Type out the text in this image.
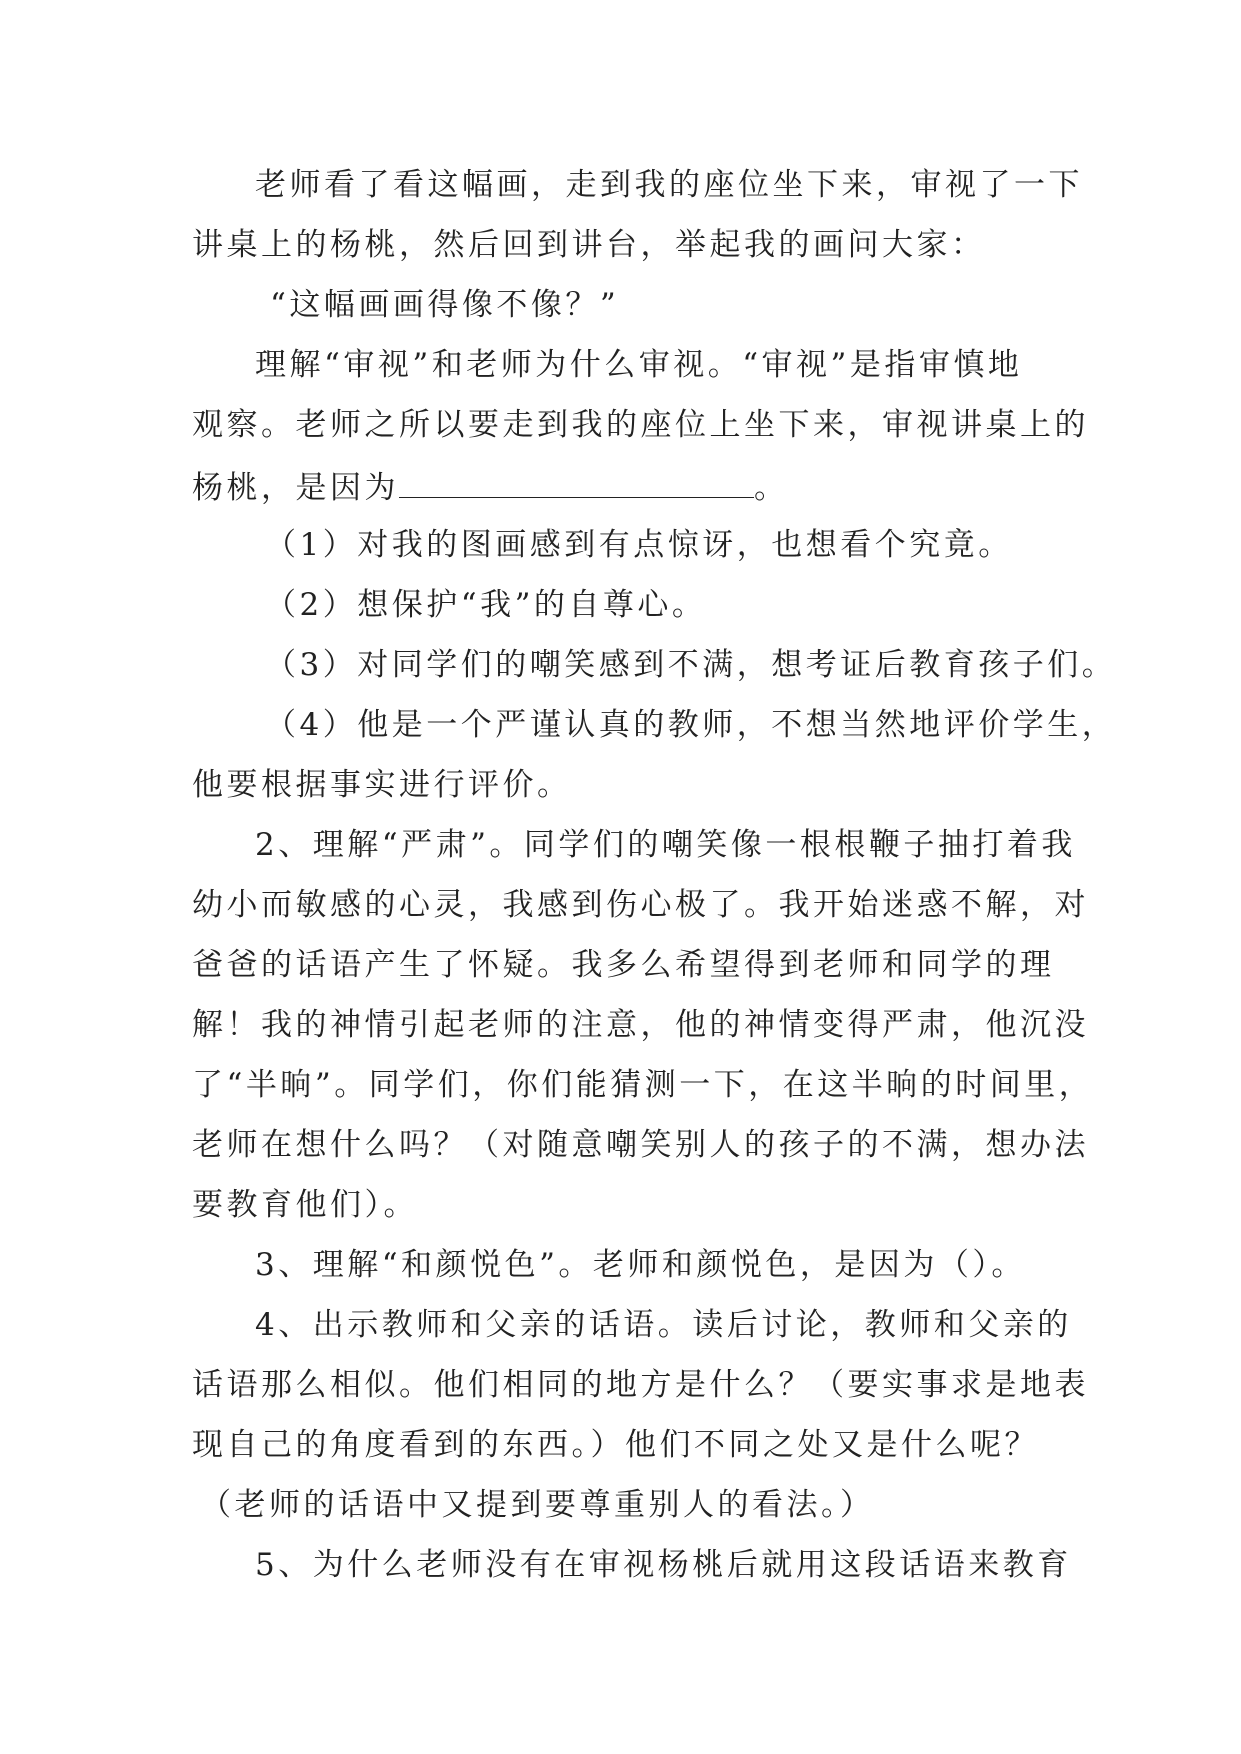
老师看了看这幅画，走到我的座位坐下来，审视了一下
讲桌上的杨桃，然后回到讲台，举起我的画问大家：
“这幅画画得像不像？”
理解“审视”和老师为什么审视。“审视”是指审慎地
观察。老师之所以要走到我的座位上坐下来，审视讲桌上的
杨桃，是因为	。
（1）对我的图画感到有点惊讶，也想看个究竟。
（2）想保护“我”的自尊心。
（3）对同学们的嘲笑感到不满，想考证后教育孩子们。
（4）他是一个严谨认真的教师，不想当然地评价学生，
他要根据事实进行评价。
2、理解“严肃”。同学们的嘲笑像一根根鞭子抽打着我
幼小而敏感的心灵，我感到伤心极了。我开始迷惑不解，对
爸爸的话语产生了怀疑。我多么希望得到老师和同学的理
解！我的神情引起老师的注意，他的神情变得严肃，他沉没
了“半晌”。同学们，你们能猜测一下，在这半晌的时间里，
老师在想什么吗？（对随意嘲笑别人的孩子的不满，想办法
要教育他们）。
3、理解“和颜悦色”。老师和颜悦色，是因为（）。
4、出示教师和父亲的话语。读后讨论，教师和父亲的
话语那么相似。他们相同的地方是什么？（要实事求是地表
现自己的角度看到的东西。）他们不同之处又是什么呢？
（老师的话语中又提到要尊重别人的看法。）
5、为什么老师没有在审视杨桃后就用这段话语来教育
